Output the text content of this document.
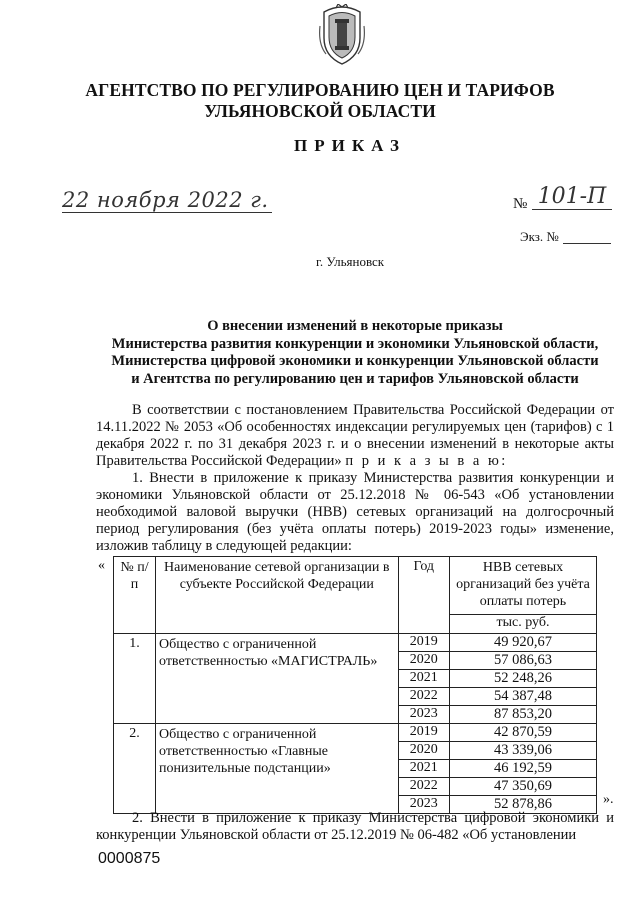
АГЕНТСТВО ПО РЕГУЛИРОВАНИЮ ЦЕН И ТАРИФОВ
УЛЬЯНОВСКОЙ ОБЛАСТИ
ПРИКАЗ
22 ноября 2022 г.	№ 101-П
Экз. №
г. Ульяновск
О внесении изменений в некоторые приказы
Министерства развития конкуренции и экономики Ульяновской области,
Министерства цифровой экономики и конкуренции Ульяновской области
и Агентства по регулированию цен и тарифов Ульяновской области

В соответствии с постановлением Правительства Российской Федерации от 14.11.2022 № 2053 «Об особенностях индексации регулируемых цен (тарифов) с 1 декабря 2022 г. по 31 декабря 2023 г. и о внесении изменений в некоторые акты Правительства Российской Федерации» п р и к а з ы в а ю:

1. Внести в приложение к приказу Министерства развития конкуренции и экономики Ульяновской области от 25.12.2018 № 06-543 «Об установлении необходимой валовой выручки (НВВ) сетевых организаций на долгосрочный период регулирования (без учёта оплаты потерь) 2019-2023 годы» изменение, изложив таблицу в следующей редакции:

«
».
№ п/п	Наименование сетевой организации в субъекте Российской Федерации	Год	НВВ сетевых организаций без учёта оплаты потерь
			тыс. руб.
1.	Общество с ограниченной ответственностью «МАГИСТРАЛЬ»	2019	49 920,67
		2020	57 086,63
		2021	52 248,26
		2022	54 387,48
		2023	87 853,20
2.	Общество с ограниченной ответственностью «Главные понизительные подстанции»	2019	42 870,59
		2020	43 339,06
		2021	46 192,59
		2022	47 350,69
		2023	52 878,86

2. Внести в приложение к приказу Министерства цифровой экономики и конкуренции Ульяновской области от 25.12.2019 № 06-482 «Об установлении

0000875
